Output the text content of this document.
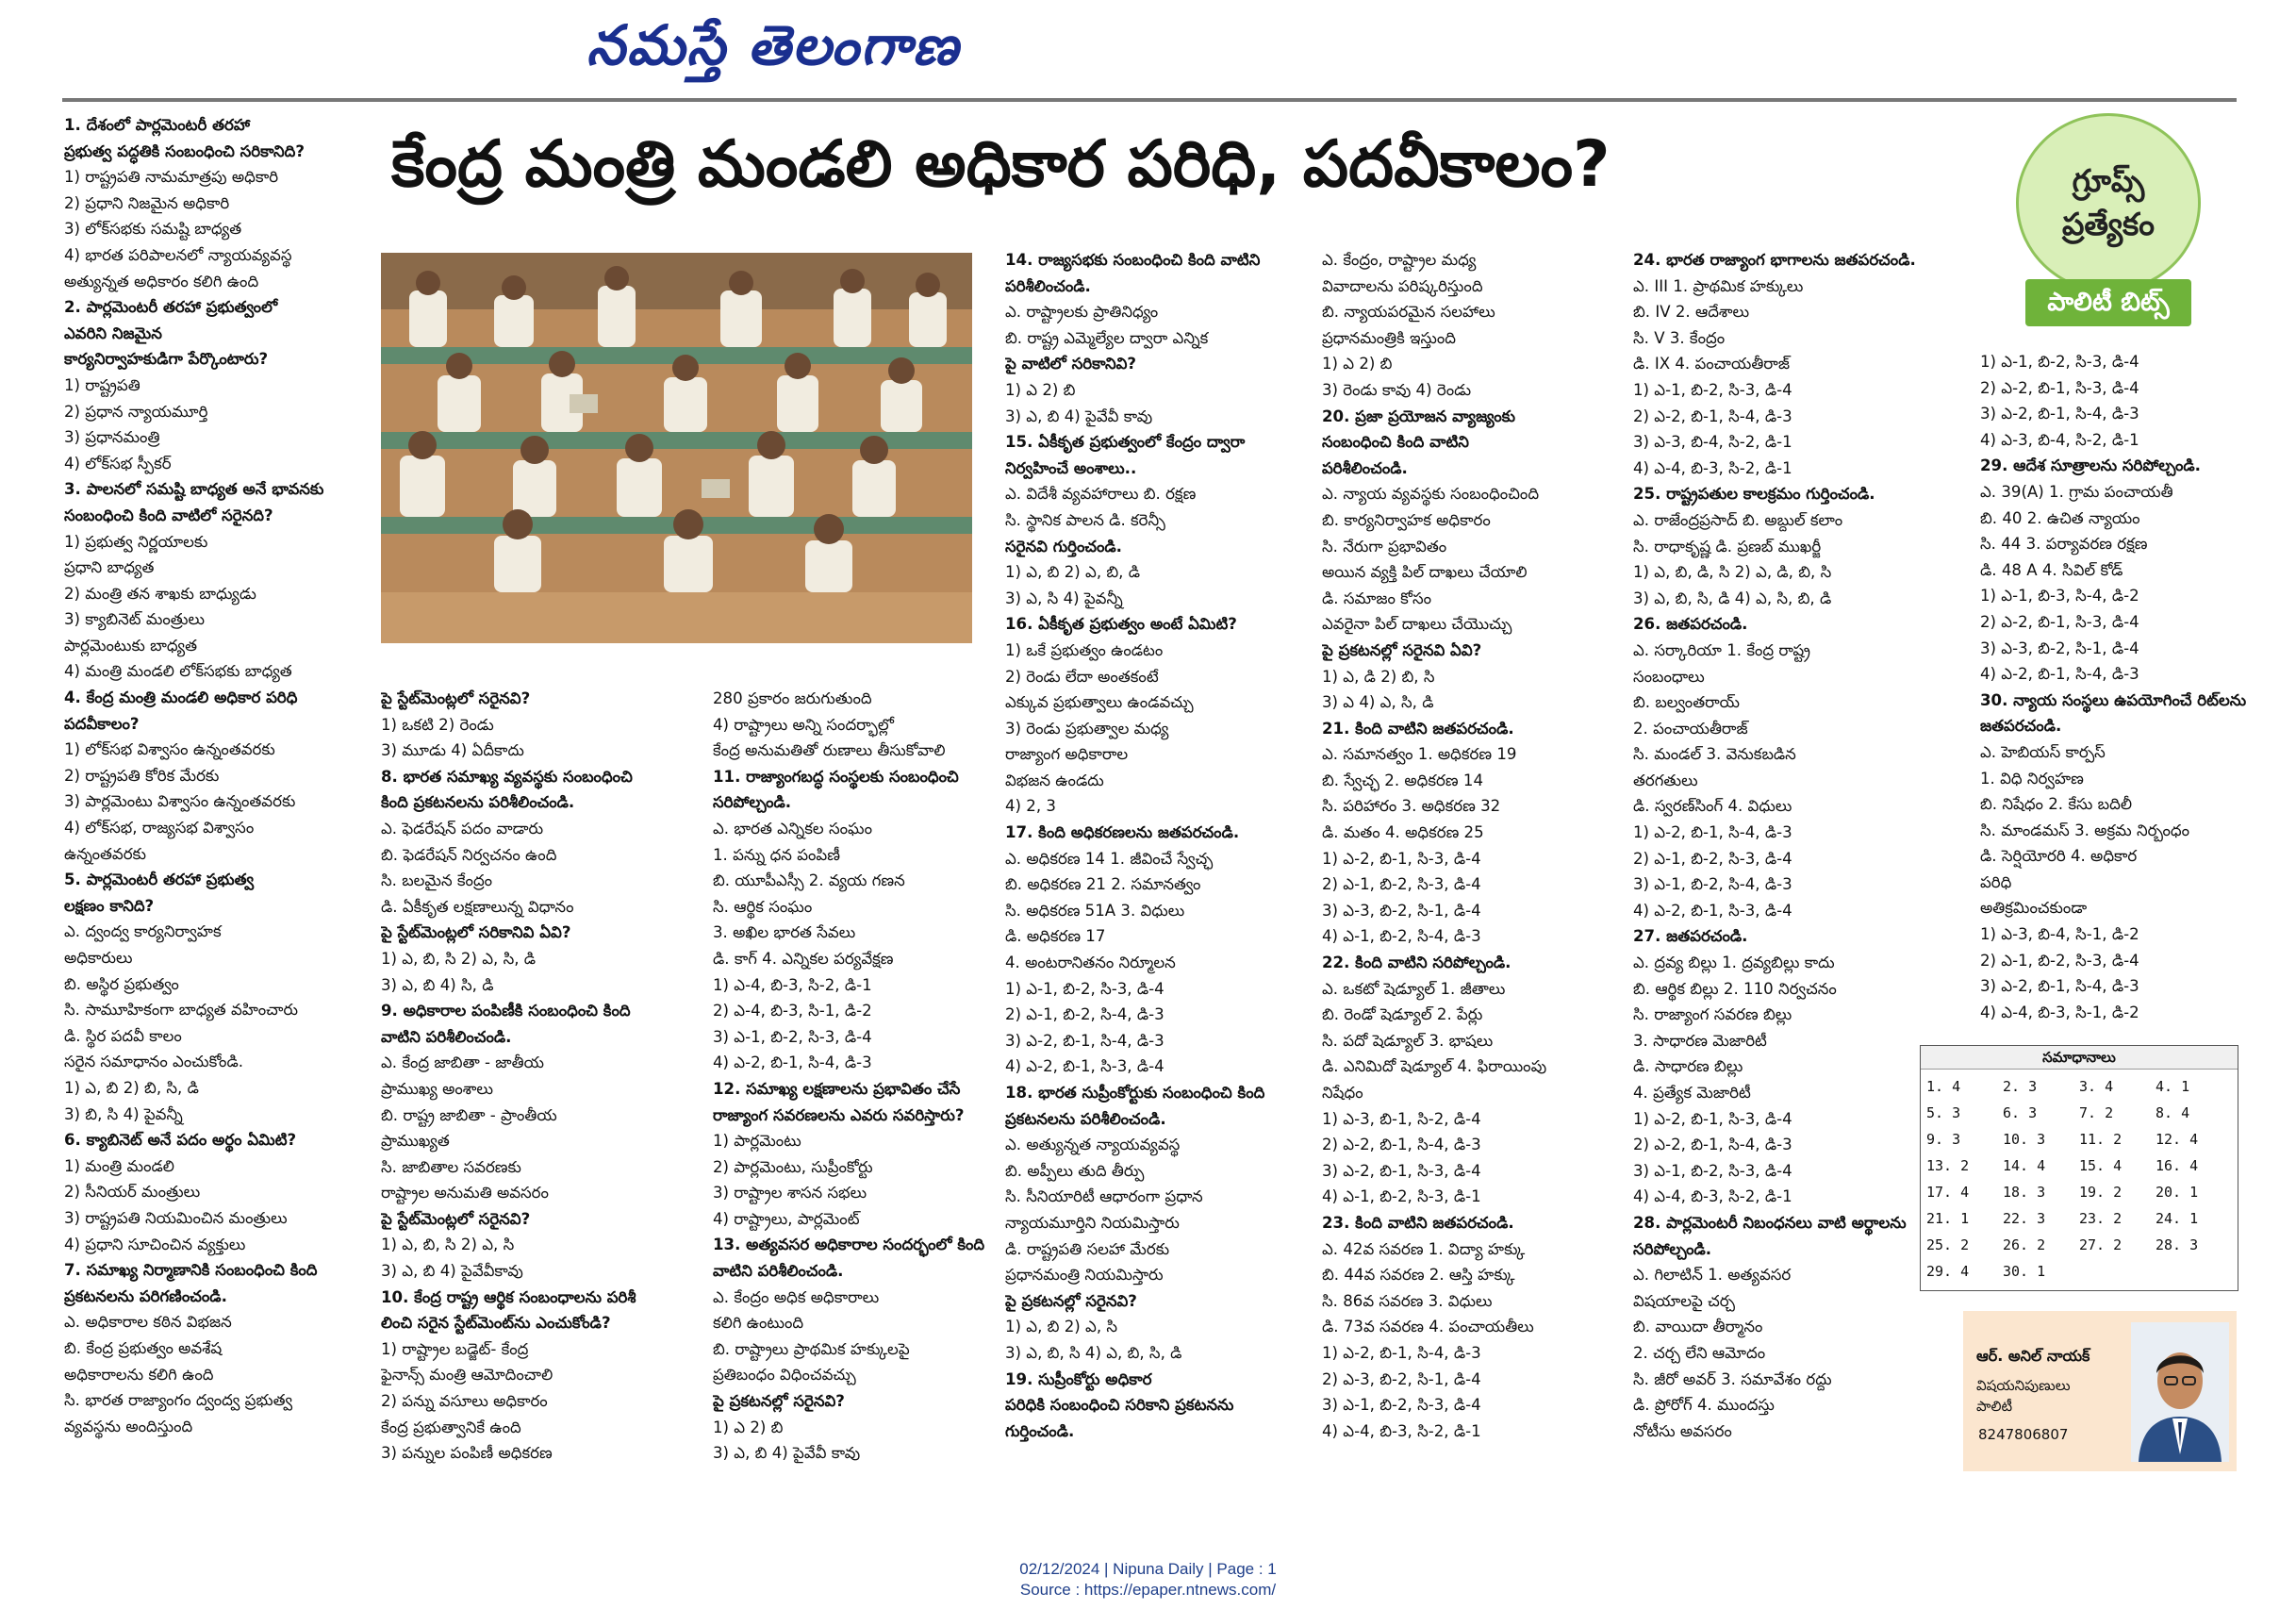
నమస్తే తెలంగాణ
కేంద్ర మంత్రి మండలి అధికార పరిధి, పదవీకాలం?	గ్రూప్స్
ప్రత్యేకం
పాలిటీ బిట్స్
1. దేశంలో పార్లమెంటరీ తరహా
ప్రభుత్వ పద్ధతికి సంబంధించి సరికానిది?
1) రాష్ట్రపతి నామమాత్రపు అధికారి
2) ప్రధాని నిజమైన అధికారి
3) లోక్‌సభకు సమష్టి బాధ్యత
4) భారత పరిపాలనలో న్యాయవ్యవస్థ
అత్యున్నత అధికారం కలిగి ఉంది
2. పార్లమెంటరీ తరహా ప్రభుత్వంలో
ఎవరిని నిజమైన
కార్యనిర్వాహకుడిగా పేర్కొంటారు?
1) రాష్ట్రపతి
2) ప్రధాన న్యాయమూర్తి
3) ప్రధానమంత్రి
4) లోక్‌సభ స్పీకర్
3. పాలనలో సమష్టి బాధ్యత అనే భావనకు
సంబంధించి కింది వాటిలో సరైనది?
1) ప్రభుత్వ నిర్ణయాలకు
ప్రధాని బాధ్యత
2) మంత్రి తన శాఖకు బాధ్యుడు
3) క్యాబినెట్ మంత్రులు
పార్లమెంటుకు బాధ్యత
4) మంత్రి మండలి లోక్‌సభకు బాధ్యత
4. కేంద్ర మంత్రి మండలి అధికార పరిధి
పదవీకాలం?
1) లోక్‌సభ విశ్వాసం ఉన్నంతవరకు
2) రాష్ట్రపతి కోరిక మేరకు
3) పార్లమెంటు విశ్వాసం ఉన్నంతవరకు
4) లోక్‌సభ, రాజ్యసభ విశ్వాసం
ఉన్నంతవరకు
5. పార్లమెంటరీ తరహా ప్రభుత్వ
లక్షణం కానిది?
ఎ. ద్వంద్వ కార్యనిర్వాహక
అధికారులు
బి. అస్థిర ప్రభుత్వం
సి. సామూహికంగా బాధ్యత వహించారు
డి. స్థిర పదవీ కాలం
సరైన సమాధానం ఎంచుకోండి.
1) ఎ, బి 2) బి, సి, డి
3) బి, సి 4) పైవన్నీ
6. క్యాబినెట్ అనే పదం అర్థం ఏమిటి?
1) మంత్రి మండలి
2) సీనియర్ మంత్రులు
3) రాష్ట్రపతి నియమించిన మంత్రులు
4) ప్రధాని సూచించిన వ్యక్తులు
7. సమాఖ్య నిర్మాణానికి సంబంధించి కింది
ప్రకటనలను పరిగణించండి.
ఎ. అధికారాల కఠిన విభజన
బి. కేంద్ర ప్రభుత్వం అవశేష
అధికారాలను కలిగి ఉంది
సి. భారత రాజ్యాంగం ద్వంద్వ ప్రభుత్వ
వ్యవస్థను అందిస్తుంది
పై స్టేట్‌మెంట్లలో సరైనవి?
1) ఒకటి 2) రెండు
3) మూడు 4) ఏదీకాదు
8. భారత సమాఖ్య వ్యవస్థకు సంబంధించి
కింది ప్రకటనలను పరిశీలించండి.
ఎ. ఫెడరేషన్ పదం వాడారు
బి. ఫెడరేషన్ నిర్వచనం ఉంది
సి. బలమైన కేంద్రం
డి. ఏకీకృత లక్షణాలున్న విధానం
పై స్టేట్‌మెంట్లలో సరికానివి ఏవి?
1) ఎ, బి, సి 2) ఎ, సి, డి
3) ఎ, బి 4) సి, డి
9. అధికారాల పంపిణీకి సంబంధించి కింది
వాటిని పరిశీలించండి.
ఎ. కేంద్ర జాబితా - జాతీయ
ప్రాముఖ్య అంశాలు
బి. రాష్ట్ర జాబితా - ప్రాంతీయ
ప్రాముఖ్యత
సి. జాబితాల సవరణకు
రాష్ట్రాల అనుమతి అవసరం
పై స్టేట్‌మెంట్లలో సరైనవి?
1) ఎ, బి, సి 2) ఎ, సి
3) ఎ, బి 4) పైవేవీకావు
10. కేంద్ర రాష్ట్ర ఆర్థిక సంబంధాలను పరిశీ
లించి సరైన స్టేట్‌మెంట్‌ను ఎంచుకోండి?
1) రాష్ట్రాల బడ్జెట్- కేంద్ర
ఫైనాన్స్ మంత్రి ఆమోదించాలి
2) పన్ను వసూలు అధికారం
కేంద్ర ప్రభుత్వానికే ఉంది
3) పన్నుల పంపిణీ అధికరణ
280 ప్రకారం జరుగుతుంది
4) రాష్ట్రాలు అన్ని సందర్భాల్లో
కేంద్ర అనుమతితో రుణాలు తీసుకోవాలి
11. రాజ్యాంగబద్ధ సంస్థలకు సంబంధించి
సరిపోల్చండి.
ఎ. భారత ఎన్నికల సంఘం
1. పన్ను ధన పంపిణీ
బి. యూపీఎస్సీ 2. వ్యయ గణన
సి. ఆర్థిక సంఘం
3. అఖిల భారత సేవలు
డి. కాగ్ 4. ఎన్నికల పర్యవేక్షణ
1) ఎ-4, బి-3, సి-2, డి-1
2) ఎ-4, బి-3, సి-1, డి-2
3) ఎ-1, బి-2, సి-3, డి-4
4) ఎ-2, బి-1, సి-4, డి-3
12. సమాఖ్య లక్షణాలను ప్రభావితం చేసే
రాజ్యాంగ సవరణలను ఎవరు సవరిస్తారు?
1) పార్లమెంటు
2) పార్లమెంటు, సుప్రీంకోర్టు
3) రాష్ట్రాల శాసన సభలు
4) రాష్ట్రాలు, పార్లమెంట్
13. అత్యవసర అధికారాల సందర్భంలో కింది
వాటిని పరిశీలించండి.
ఎ. కేంద్రం అధిక అధికారాలు
కలిగి ఉంటుంది
బి. రాష్ట్రాలు ప్రాథమిక హక్కులపై
ప్రతిబంధం విధించవచ్చు
పై ప్రకటనల్లో సరైనవి?
1) ఎ 2) బి
3) ఎ, బి 4) పైవేవీ కావు
14. రాజ్యసభకు సంబంధించి కింది వాటిని
పరిశీలించండి.
ఎ. రాష్ట్రాలకు ప్రాతినిధ్యం
బి. రాష్ట్ర ఎమ్మెల్యేల ద్వారా ఎన్నిక
పై వాటిలో సరికానివి?
1) ఎ 2) బి
3) ఎ, బి 4) పైవేవీ కావు
15. ఏకీకృత ప్రభుత్వంలో కేంద్రం ద్వారా
నిర్వహించే అంశాలు..
ఎ. విదేశీ వ్యవహారాలు బి. రక్షణ
సి. స్థానిక పాలన డి. కరెన్సీ
సరైనవి గుర్తించండి.
1) ఎ, బి 2) ఎ, బి, డి
3) ఎ, సి 4) పైవన్నీ
16. ఏకీకృత ప్రభుత్వం అంటే ఏమిటి?
1) ఒకే ప్రభుత్వం ఉండటం
2) రెండు లేదా అంతకంటే
ఎక్కువ ప్రభుత్వాలు ఉండవచ్చు
3) రెండు ప్రభుత్వాల మధ్య
రాజ్యాంగ అధికారాల
విభజన ఉండదు
4) 2, 3
17. కింది అధికరణలను జతపరచండి.
ఎ. అధికరణ 14 1. జీవించే స్వేచ్ఛ
బి. అధికరణ 21 2. సమానత్వం
సి. అధికరణ 51A 3. విధులు
డి. అధికరణ 17
4. అంటరానితనం నిర్మూలన
1) ఎ-1, బి-2, సి-3, డి-4
2) ఎ-1, బి-2, సి-4, డి-3
3) ఎ-2, బి-1, సి-4, డి-3
4) ఎ-2, బి-1, సి-3, డి-4
18. భారత సుప్రీంకోర్టుకు సంబంధించి కింది
ప్రకటనలను పరిశీలించండి.
ఎ. అత్యున్నత న్యాయవ్యవస్థ
బి. అప్పీలు తుది తీర్పు
సి. సీనియారిటీ ఆధారంగా ప్రధాన
న్యాయమూర్తిని నియమిస్తారు
డి. రాష్ట్రపతి సలహా మేరకు
ప్రధానమంత్రి నియమిస్తారు
పై ప్రకటనల్లో సరైనవి?
1) ఎ, బి 2) ఎ, సి
3) ఎ, బి, సి 4) ఎ, బి, సి, డి
19. సుప్రీంకోర్టు అధికార
పరిధికి సంబంధించి సరికాని ప్రకటనను
గుర్తించండి.
ఎ. కేంద్రం, రాష్ట్రాల మధ్య
వివాదాలను పరిష్కరిస్తుంది
బి. న్యాయపరమైన సలహాలు
ప్రధానమంత్రికి ఇస్తుంది
1) ఎ 2) బి
3) రెండు కావు 4) రెండు
20. ప్రజా ప్రయోజన వ్యాజ్యంకు
సంబంధించి కింది వాటిని
పరిశీలించండి.
ఎ. న్యాయ వ్యవస్థకు సంబంధించింది
బి. కార్యనిర్వాహక అధికారం
సి. నేరుగా ప్రభావితం
అయిన వ్యక్తి పిల్ దాఖలు చేయాలి
డి. సమాజం కోసం
ఎవరైనా పిల్ దాఖలు చేయొచ్చు
పై ప్రకటనల్లో సరైనవి ఏవి?
1) ఎ, డి 2) బి, సి
3) ఎ 4) ఎ, సి, డి
21. కింది వాటిని జతపరచండి.
ఎ. సమానత్వం 1. అధికరణ 19
బి. స్వేచ్ఛ 2. అధికరణ 14
సి. పరిహారం 3. అధికరణ 32
డి. మతం 4. అధికరణ 25
1) ఎ-2, బి-1, సి-3, డి-4
2) ఎ-1, బి-2, సి-3, డి-4
3) ఎ-3, బి-2, సి-1, డి-4
4) ఎ-1, బి-2, సి-4, డి-3
22. కింది వాటిని సరిపోల్చండి.
ఎ. ఒకటో షెడ్యూల్ 1. జీతాలు
బి. రెండో షెడ్యూల్ 2. పేర్లు
సి. పదో షెడ్యూల్ 3. భాషలు
డి. ఎనిమిదో షెడ్యూల్ 4. ఫిరాయింపు
నిషేధం
1) ఎ-3, బి-1, సి-2, డి-4
2) ఎ-2, బి-1, సి-4, డి-3
3) ఎ-2, బి-1, సి-3, డి-4
4) ఎ-1, బి-2, సి-3, డి-1
23. కింది వాటిని జతపరచండి.
ఎ. 42వ సవరణ 1. విద్యా హక్కు
బి. 44వ సవరణ 2. ఆస్తి హక్కు
సి. 86వ సవరణ 3. విధులు
డి. 73వ సవరణ 4. పంచాయతీలు
1) ఎ-2, బి-1, సి-4, డి-3
2) ఎ-3, బి-2, సి-1, డి-4
3) ఎ-1, బి-2, సి-3, డి-4
4) ఎ-4, బి-3, సి-2, డి-1
24. భారత రాజ్యాంగ భాగాలను జతపరచండి.
ఎ. III 1. ప్రాథమిక హక్కులు
బి. IV 2. ఆదేశాలు
సి. V 3. కేంద్రం
డి. IX 4. పంచాయతీరాజ్
1) ఎ-1, బి-2, సి-3, డి-4
2) ఎ-2, బి-1, సి-4, డి-3
3) ఎ-3, బి-4, సి-2, డి-1
4) ఎ-4, బి-3, సి-2, డి-1
25. రాష్ట్రపతుల కాలక్రమం గుర్తించండి.
ఎ. రాజేంద్రప్రసాద్ బి. అబ్దుల్ కలాం
సి. రాధాకృష్ణ డి. ప్రణబ్ ముఖర్జీ
1) ఎ, బి, డి, సి 2) ఎ, డి, బి, సి
3) ఎ, బి, సి, డి 4) ఎ, సి, బి, డి
26. జతపరచండి.
ఎ. సర్కారియా 1. కేంద్ర రాష్ట్ర
సంబంధాలు
బి. బల్వంతరాయ్
2. పంచాయతీరాజ్
సి. మండల్ 3. వెనుకబడిన
తరగతులు
డి. స్వరణ్‌సింగ్ 4. విధులు
1) ఎ-2, బి-1, సి-4, డి-3
2) ఎ-1, బి-2, సి-3, డి-4
3) ఎ-1, బి-2, సి-4, డి-3
4) ఎ-2, బి-1, సి-3, డి-4
27. జతపరచండి.
ఎ. ద్రవ్య బిల్లు 1. ద్రవ్యబిల్లు కాదు
బి. ఆర్థిక బిల్లు 2. 110 నిర్వచనం
సి. రాజ్యాంగ సవరణ బిల్లు
3. సాధారణ మెజారిటీ
డి. సాధారణ బిల్లు
4. ప్రత్యేక మెజారిటీ
1) ఎ-2, బి-1, సి-3, డి-4
2) ఎ-2, బి-1, సి-4, డి-3
3) ఎ-1, బి-2, సి-3, డి-4
4) ఎ-4, బి-3, సి-2, డి-1
28. పార్లమెంటరీ నిబంధనలు వాటి అర్థాలను
సరిపోల్చండి.
ఎ. గిలాటిన్ 1. అత్యవసర
విషయాలపై చర్చ
బి. వాయిదా తీర్మానం
2. చర్చ లేని ఆమోదం
సి. జీరో అవర్ 3. సమావేశం రద్దు
డి. ప్రోరోగ్ 4. ముందస్తు
నోటీసు అవసరం
1) ఎ-1, బి-2, సి-3, డి-4
2) ఎ-2, బి-1, సి-3, డి-4
3) ఎ-2, బి-1, సి-4, డి-3
4) ఎ-3, బి-4, సి-2, డి-1
29. ఆదేశ సూత్రాలను సరిపోల్చండి.
ఎ. 39(A) 1. గ్రామ పంచాయతీ
బి. 40 2. ఉచిత న్యాయం
సి. 44 3. పర్యావరణ రక్షణ
డి. 48 A 4. సివిల్ కోడ్
1) ఎ-1, బి-3, సి-4, డి-2
2) ఎ-2, బి-1, సి-3, డి-4
3) ఎ-3, బి-2, సి-1, డి-4
4) ఎ-2, బి-1, సి-4, డి-3
30. న్యాయ సంస్థలు ఉపయోగించే రిట్‌లను
జతపరచండి.
ఎ. హెబియస్ కార్పస్
1. విధి నిర్వహణ
బి. నిషేధం 2. కేసు బదిలీ
సి. మాండమస్ 3. అక్రమ నిర్బంధం
డి. సెర్షియోరరి 4. అధికార
పరిధి
అతిక్రమించకుండా
1) ఎ-3, బి-4, సి-1, డి-2
2) ఎ-1, బి-2, సి-3, డి-4
3) ఎ-2, బి-1, సి-4, డి-3
4) ఎ-4, బి-3, సి-1, డి-2
సమాధానాలు
1. 4	2. 3	3. 4	4. 1
5. 3	6. 3	7. 2	8. 4
9. 3	10. 3	11. 2	12. 4
13. 2	14. 4	15. 4	16. 4
17. 4	18. 3	19. 2	20. 1
21. 1	22. 3	23. 2	24. 1
25. 2	26. 2	27. 2	28. 3
29. 4	30. 1
ఆర్. అనిల్ నాయక్
విషయనిపుణులు
పాలిటీ
8247806807
02/12/2024 | Nipuna Daily | Page : 1
Source : https://epaper.ntnews.com/
